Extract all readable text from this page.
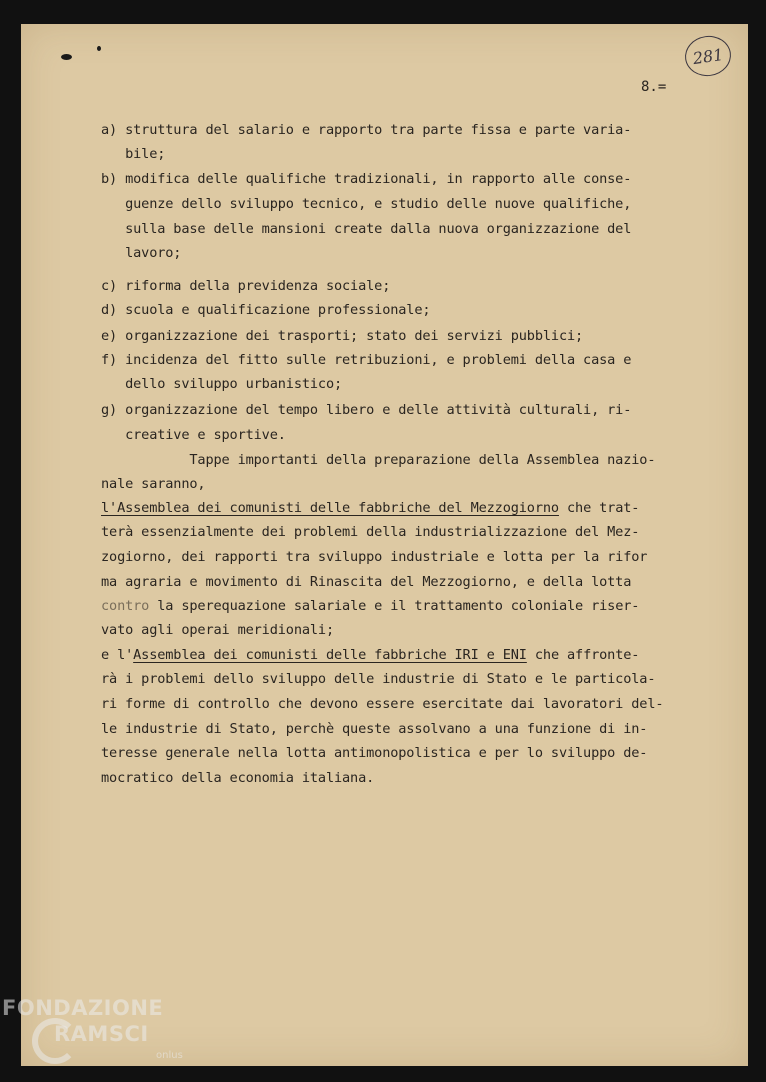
281
8.=
a) struttura del salario e rapporto tra parte fissa e parte varia-
bile;
b) modifica delle qualifiche tradizionali, in rapporto alle conse-
guenze dello sviluppo tecnico, e studio delle nuove qualifiche,
sulla base delle mansioni create dalla nuova organizzazione del
lavoro;
c) riforma della previdenza sociale;
d) scuola e qualificazione professionale;
e) organizzazione dei trasporti; stato dei servizi pubblici;
f) incidenza del fitto sulle retribuzioni, e problemi della casa e
dello sviluppo urbanistico;
g) organizzazione del tempo libero e delle attività culturali, ri-
creative e sportive.
Tappe importanti della preparazione della Assemblea nazio-
nale saranno,
l'Assemblea dei comunisti delle fabbriche del Mezzogiorno che trat-
terà essenzialmente dei problemi della industrializzazione del Mez-
zogiorno, dei rapporti tra sviluppo industriale e lotta per la rifor
ma agraria e movimento di Rinascita del Mezzogiorno, e della lotta
contro la sperequazione salariale e il trattamento coloniale riser-
vato agli operai meridionali;
e l'Assemblea dei comunisti delle fabbriche IRI e ENI che affronte-
rà i problemi dello sviluppo delle industrie di Stato e le particola-
ri forme di controllo che devono essere esercitate dai lavoratori del-
le industrie di Stato, perchè queste assolvano a una funzione di in-
teresse generale nella lotta antimonopolistica e per lo sviluppo de-
mocratico della economia italiana.
FONDAZIONE
RAMSCI
onlus
